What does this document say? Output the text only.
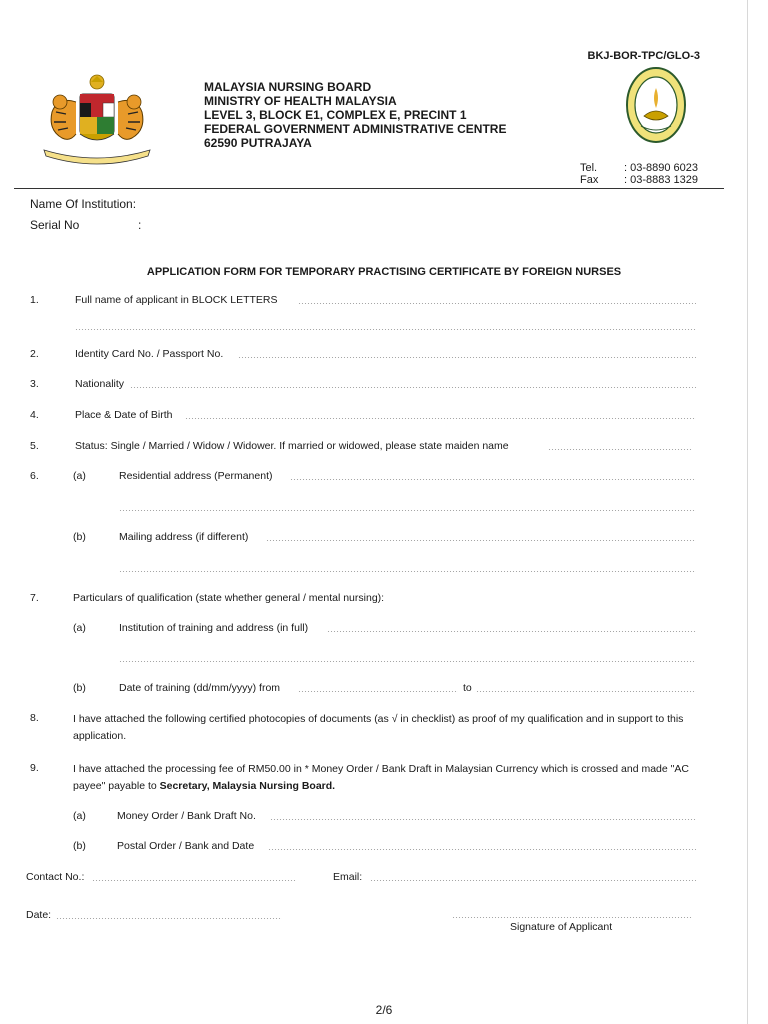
BKJ-BOR-TPC/GLO-3
MALAYSIA NURSING BOARD
MINISTRY OF HEALTH MALAYSIA
LEVEL 3, BLOCK E1, COMPLEX E, PRECINT 1
FEDERAL GOVERNMENT ADMINISTRATIVE CENTRE
62590 PUTRAJAYA
Tel.	: 03-8890 6023
Fax	: 03-8883 1329
Name Of Institution:
Serial No	:
APPLICATION FORM FOR TEMPORARY PRACTISING CERTIFICATE BY FOREIGN NURSES
1.	Full name of applicant in BLOCK LETTERS
2.	Identity Card No. / Passport No.
3.	Nationality
4.	Place & Date of Birth
5.	Status: Single / Married / Widow / Widower. If married or widowed, please state maiden name
6.	(a)	Residential address (Permanent)
(b)	Mailing address (if different)
7.	Particulars of qualification (state whether general / mental nursing):
(a)	Institution of training and address (in full)
(b)	Date of training (dd/mm/yyyy) from	to
8.	I have attached the following certified photocopies of documents (as √ in checklist) as proof of my qualification and in support to this application.
9.	I have attached the processing fee of RM50.00 in * Money Order / Bank Draft in Malaysian Currency which is crossed and made "AC payee" payable to Secretary, Malaysia Nursing Board.
(a)	Money Order / Bank Draft No.
(b)	Postal Order / Bank and Date
Contact No.:	Email:
Date:
Signature of Applicant
2/6
